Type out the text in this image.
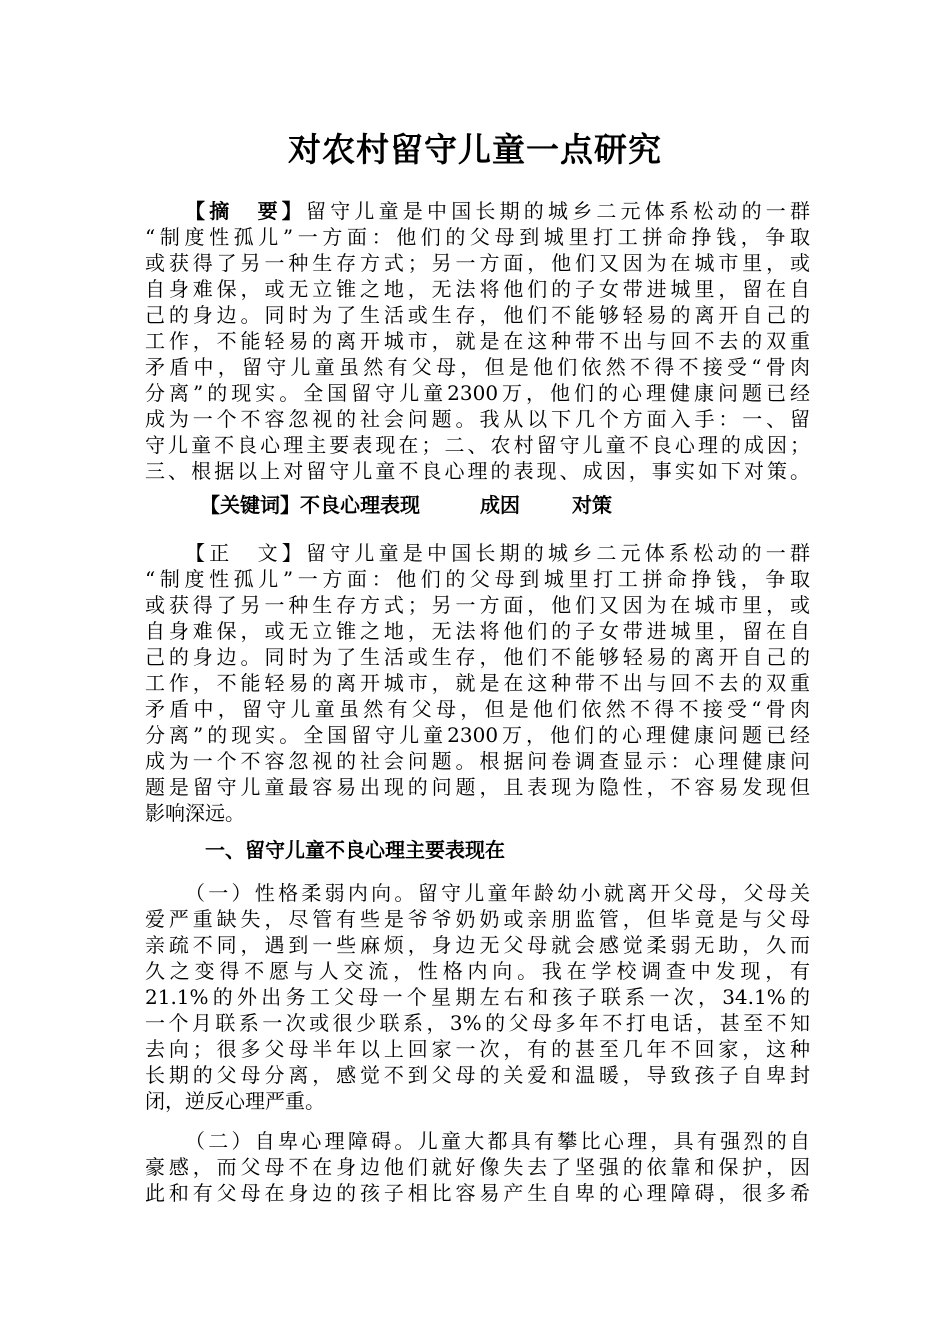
对农村留守儿童一点研究
【摘　要】留守儿童是中国长期的城乡二元体系松动的一群
“制度性孤儿”一方面：他们的父母到城里打工拼命挣钱，争取
或获得了另一种生存方式；另一方面，他们又因为在城市里，或
自身难保，或无立锥之地，无法将他们的子女带进城里，留在自
己的身边。同时为了生活或生存，他们不能够轻易的离开自己的
工作，不能轻易的离开城市，就是在这种带不出与回不去的双重
矛盾中，留守儿童虽然有父母，但是他们依然不得不接受“骨肉
分离”的现实。全国留守儿童2300万，他们的心理健康问题已经
成为一个不容忽视的社会问题。我从以下几个方面入手：一、留
守儿童不良心理主要表现在；二、农村留守儿童不良心理的成因；
三、根据以上对留守儿童不良心理的表现、成因，事实如下对策。
【关键词】不良心理表现	成因	对策
【正　文】留守儿童是中国长期的城乡二元体系松动的一群
“制度性孤儿”一方面：他们的父母到城里打工拼命挣钱，争取
或获得了另一种生存方式；另一方面，他们又因为在城市里，或
自身难保，或无立锥之地，无法将他们的子女带进城里，留在自
己的身边。同时为了生活或生存，他们不能够轻易的离开自己的
工作，不能轻易的离开城市，就是在这种带不出与回不去的双重
矛盾中，留守儿童虽然有父母，但是他们依然不得不接受“骨肉
分离”的现实。全国留守儿童2300万，他们的心理健康问题已经
成为一个不容忽视的社会问题。根据问卷调查显示：心理健康问
题是留守儿童最容易出现的问题，且表现为隐性，不容易发现但
影响深远。
一、留守儿童不良心理主要表现在
（一）性格柔弱内向。留守儿童年龄幼小就离开父母，父母关
爱严重缺失，尽管有些是爷爷奶奶或亲朋监管，但毕竟是与父母
亲疏不同，遇到一些麻烦，身边无父母就会感觉柔弱无助，久而
久之变得不愿与人交流，性格内向。我在学校调查中发现，有
21.1%的外出务工父母一个星期左右和孩子联系一次，34.1%的
一个月联系一次或很少联系，3%的父母多年不打电话，甚至不知
去向；很多父母半年以上回家一次，有的甚至几年不回家，这种
长期的父母分离，感觉不到父母的关爱和温暖，导致孩子自卑封
闭，逆反心理严重。
（二）自卑心理障碍。儿童大都具有攀比心理，具有强烈的自
豪感，而父母不在身边他们就好像失去了坚强的依靠和保护，因
此和有父母在身边的孩子相比容易产生自卑的心理障碍，很多希
